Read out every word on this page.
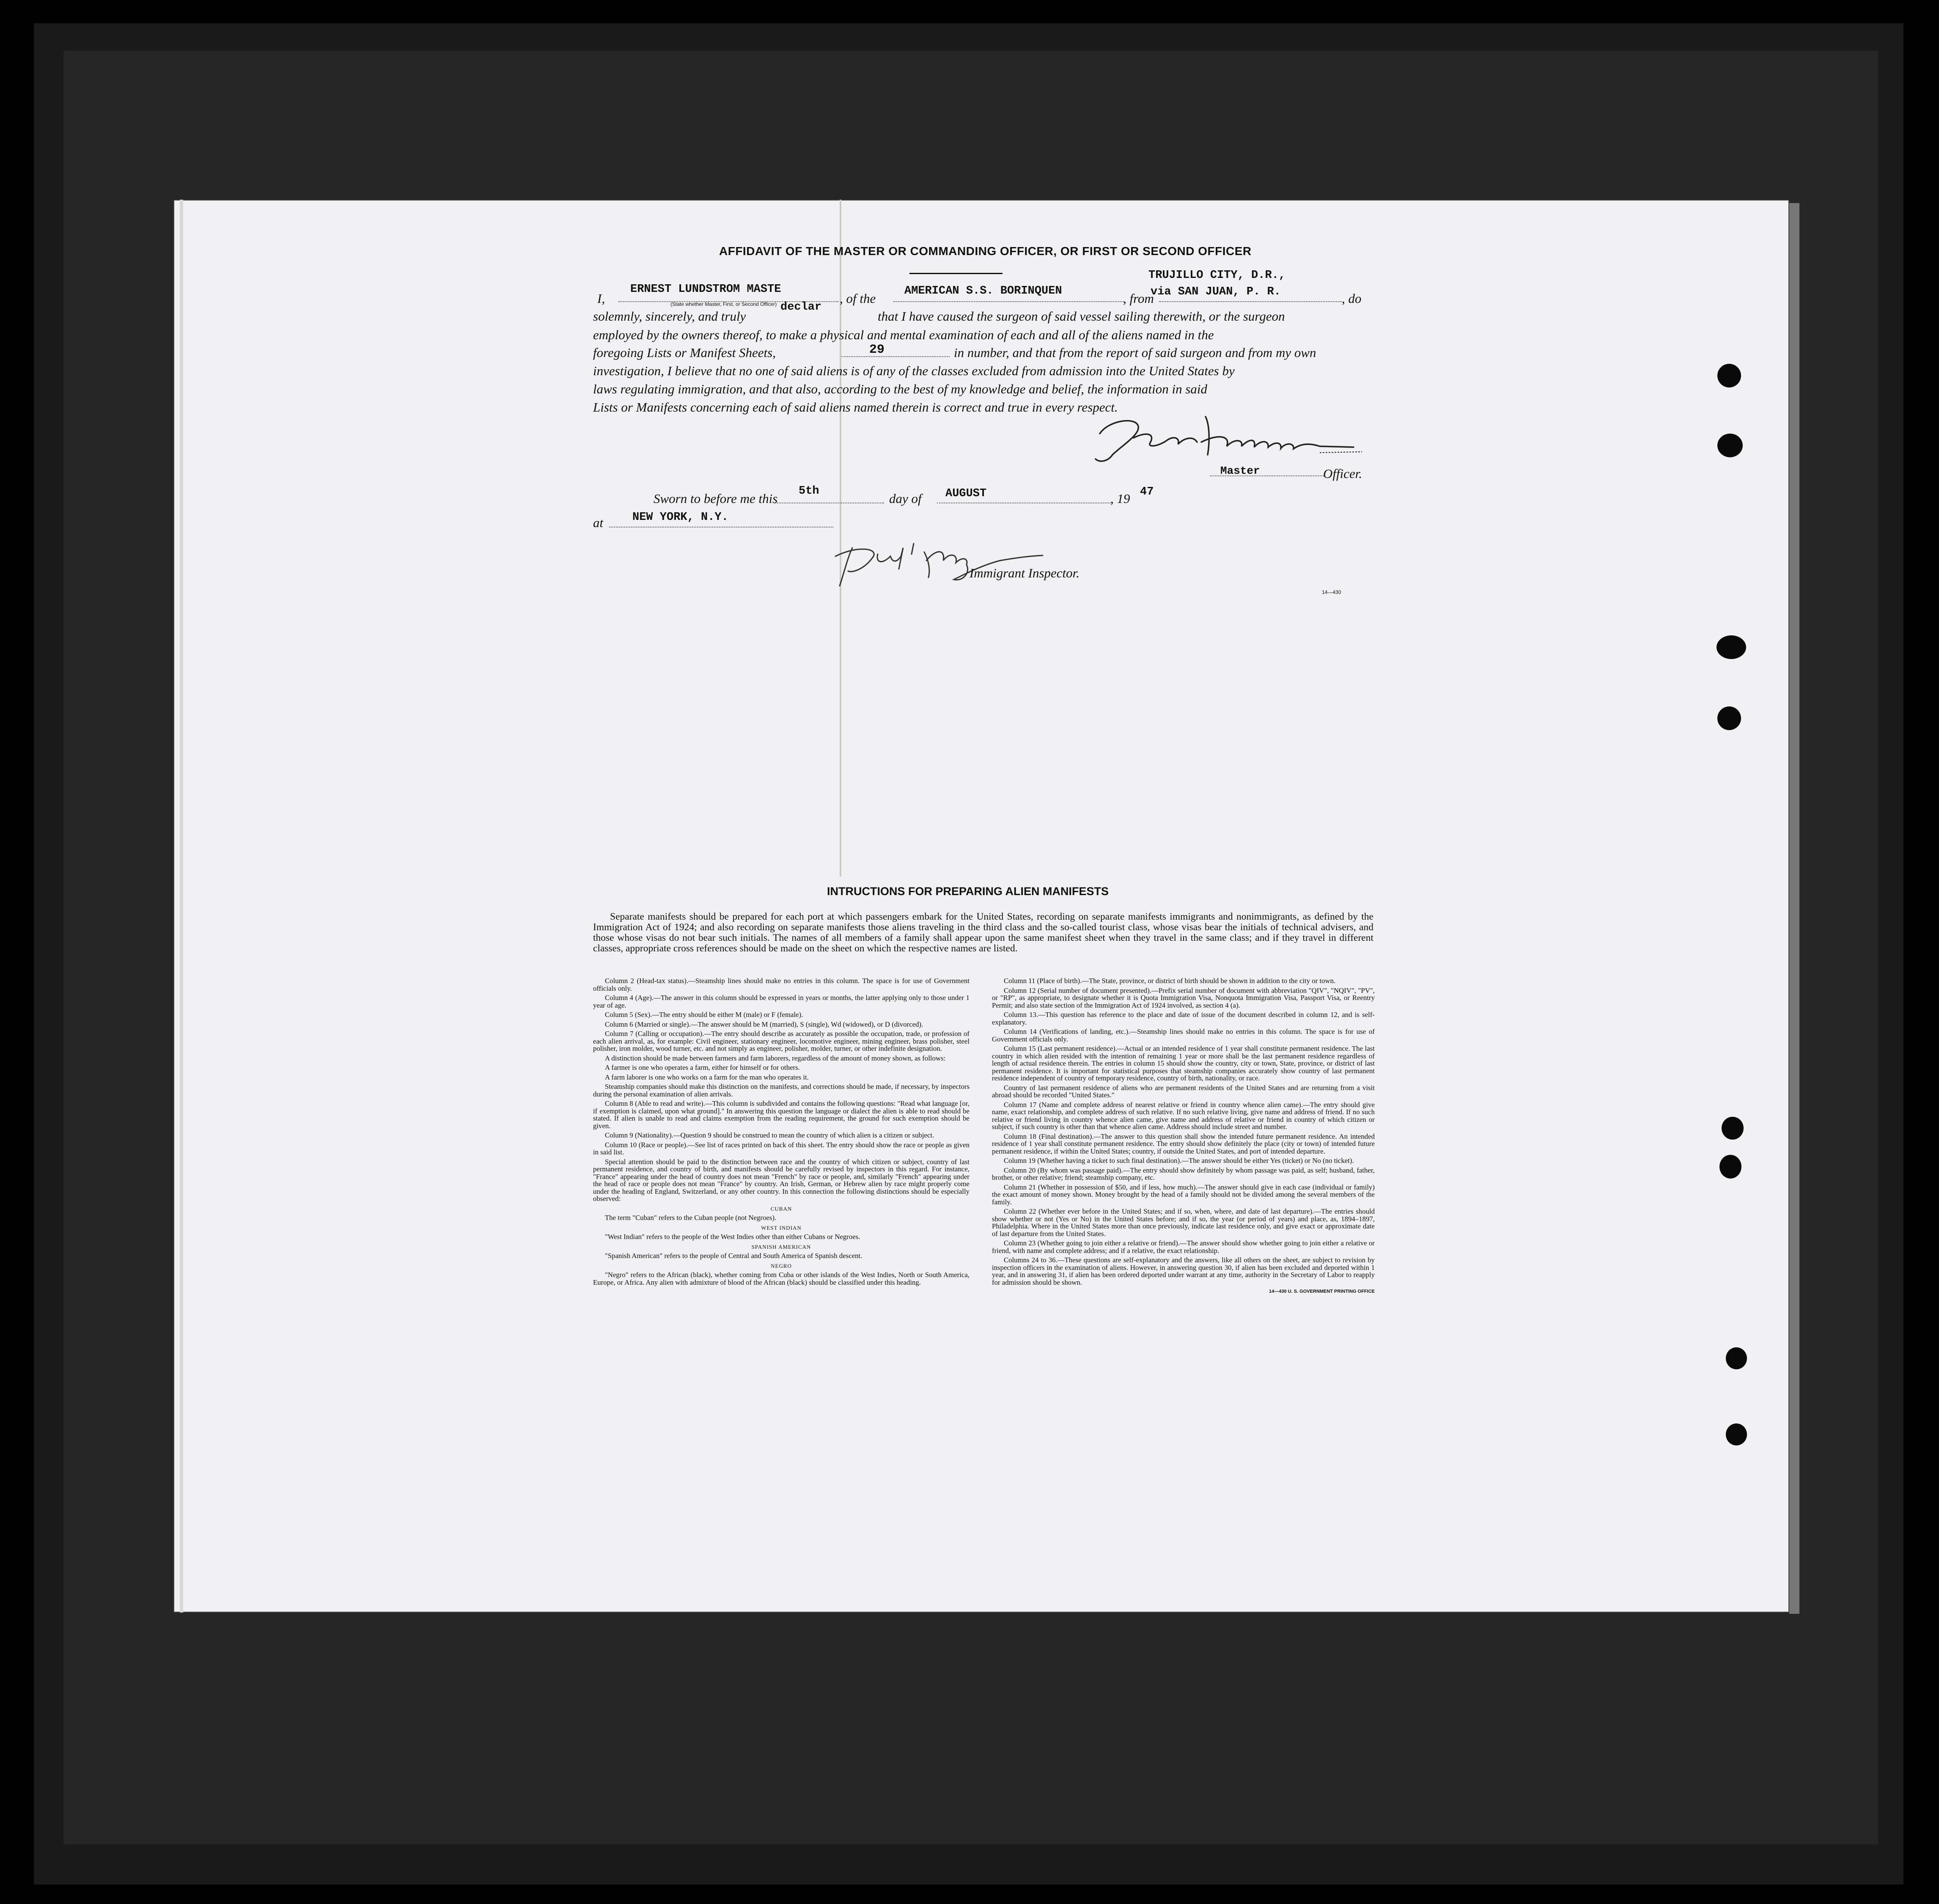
AFFIDAVIT OF THE MASTER OR COMMANDING OFFICER, OR FIRST OR SECOND OFFICER
I,
ERNEST LUNDSTROM MASTE
(State whether Master, First, or Second Officer)	, of the	AMERICAN S.S. BORINQUEN	, from
TRUJILLO CITY, D.R.,
via SAN JUAN, P. R.	, do
solemnly, sincerely, and truly
declar
that I have caused the surgeon of said vessel sailing therewith, or the surgeon
employed by the owners thereof, to make a physical and mental examination of each and all of the aliens named in the
foregoing Lists or Manifest Sheets,	29	in number, and that from the report of said surgeon and from my own
investigation, I believe that no one of said aliens is of any of the classes excluded from admission into the United States by
laws regulating immigration, and that also, according to the best of my knowledge and belief, the information in said
Lists or Manifests concerning each of said aliens named therein is correct and true in every respect.
Master	Officer.
Sworn to before me this 5th	day of AUGUST	, 19 47
at	NEW YORK, N.Y.
Immigrant Inspector.
14—430
INTRUCTIONS FOR PREPARING ALIEN MANIFESTS
Separate manifests should be prepared for each port at which passengers embark for the United States, recording on separate manifests immigrants and nonimmigrants, as defined by the Immigration Act of 1924; and also recording on separate manifests those aliens traveling in the third class and the so-called tourist class, whose visas bear the initials of technical advisers, and those whose visas do not bear such initials. The names of all members of a family shall appear upon the same manifest sheet when they travel in the same class; and if they travel in different classes, appropriate cross references should be made on the sheet on which the respective names are listed.

Column 2 (Head-tax status).—Steamship lines should make no entries in this column. The space is for use of Government officials only.

Column 4 (Age).—The answer in this column should be expressed in years or months, the latter applying only to those under 1 year of age.

Column 5 (Sex).—The entry should be either M (male) or F (female).

Column 6 (Married or single).—The answer should be M (married), S (single), Wd (widowed), or D (divorced).

Column 7 (Calling or occupation).—The entry should describe as accurately as possible the occupation, trade, or profession of each alien arrival, as, for example: Civil engineer, stationary engineer, locomotive engineer, mining engineer, brass polisher, steel polisher, iron molder, wood turner, etc. and not simply as engineer, polisher, molder, turner, or other indefinite designation.

A distinction should be made between farmers and farm laborers, regardless of the amount of money shown, as follows:

A farmer is one who operates a farm, either for himself or for others.

A farm laborer is one who works on a farm for the man who operates it.

Steamship companies should make this distinction on the manifests, and corrections should be made, if necessary, by inspectors during the personal examination of alien arrivals.

Column 8 (Able to read and write).—This column is subdivided and contains the following questions: "Read what language [or, if exemption is claimed, upon what ground]." In answering this question the language or dialect the alien is able to read should be stated. If alien is unable to read and claims exemption from the reading requirement, the ground for such exemption should be given.

Column 9 (Nationality).—Question 9 should be construed to mean the country of which alien is a citizen or subject.

Column 10 (Race or people).—See list of races printed on back of this sheet. The entry should show the race or people as given in said list.

Special attention should be paid to the distinction between race and the country of which citizen or subject, country of last permanent residence, and country of birth, and manifests should be carefully revised by inspectors in this regard. For instance, "France" appearing under the head of country does not mean "French" by race or people, and, similarly "French" appearing under the head of race or people does not mean "France" by country. An Irish, German, or Hebrew alien by race might properly come under the heading of England, Switzerland, or any other country. In this connection the following distinctions should be especially observed:

CUBAN

The term "Cuban" refers to the Cuban people (not Negroes).

WEST INDIAN

"West Indian" refers to the people of the West Indies other than either Cubans or Negroes.

SPANISH AMERICAN

"Spanish American" refers to the people of Central and South America of Spanish descent.

NEGRO

"Negro" refers to the African (black), whether coming from Cuba or other islands of the West Indies, North or South America, Europe, or Africa. Any alien with admixture of blood of the African (black) should be classified under this heading.

Column 11 (Place of birth).—The State, province, or district of birth should be shown in addition to the city or town.

Column 12 (Serial number of document presented).—Prefix serial number of document with abbreviation "QIV", "NQIV", "PV", or "RP", as appropriate, to designate whether it is Quota Immigration Visa, Nonquota Immigration Visa, Passport Visa, or Reentry Permit; and also state section of the Immigration Act of 1924 involved, as section 4 (a).

Column 13.—This question has reference to the place and date of issue of the document described in column 12, and is self-explanatory.

Column 14 (Verifications of landing, etc.).—Steamship lines should make no entries in this column. The space is for use of Government officials only.

Column 15 (Last permanent residence).—Actual or an intended residence of 1 year shall constitute permanent residence. The last country in which alien resided with the intention of remaining 1 year or more shall be the last permanent residence regardless of length of actual residence therein. The entries in column 15 should show the country, city or town, State, province, or district of last permanent residence. It is important for statistical purposes that steamship companies accurately show country of last permanent residence independent of country of temporary residence, country of birth, nationality, or race.

Country of last permanent residence of aliens who are permanent residents of the United States and are returning from a visit abroad should be recorded "United States."

Column 17 (Name and complete address of nearest relative or friend in country whence alien came).—The entry should give name, exact relationship, and complete address of such relative. If no such relative living, give name and address of friend. If no such relative or friend living in country whence alien came, give name and address of relative or friend in country of which citizen or subject, if such country is other than that whence alien came. Address should include street and number.

Column 18 (Final destination).—The answer to this question shall show the intended future permanent residence. An intended residence of 1 year shall constitute permanent residence. The entry should show definitely the place (city or town) of intended future permanent residence, if within the United States; country, if outside the United States, and port of intended departure.

Column 19 (Whether having a ticket to such final destination).—The answer should be either Yes (ticket) or No (no ticket).

Column 20 (By whom was passage paid).—The entry should show definitely by whom passage was paid, as self; husband, father, brother, or other relative; friend; steamship company, etc.

Column 21 (Whether in possession of $50, and if less, how much).—The answer should give in each case (individual or family) the exact amount of money shown. Money brought by the head of a family should not be divided among the several members of the family.

Column 22 (Whether ever before in the United States; and if so, when, where, and date of last departure).—The entries should show whether or not (Yes or No) in the United States before; and if so, the year (or period of years) and place, as, 1894–1897, Philadelphia. Where in the United States more than once previously, indicate last residence only, and give exact or approximate date of last departure from the United States.

Column 23 (Whether going to join either a relative or friend).—The answer should show whether going to join either a relative or friend, with name and complete address; and if a relative, the exact relationship.

Columns 24 to 36.—These questions are self-explanatory and the answers, like all others on the sheet, are subject to revision by inspection officers in the examination of aliens. However, in answering question 30, if alien has been excluded and deported within 1 year, and in answering 31, if alien has been ordered deported under warrant at any time, authority in the Secretary of Labor to reapply for admission should be shown.

14—430 U. S. GOVERNMENT PRINTING OFFICE
